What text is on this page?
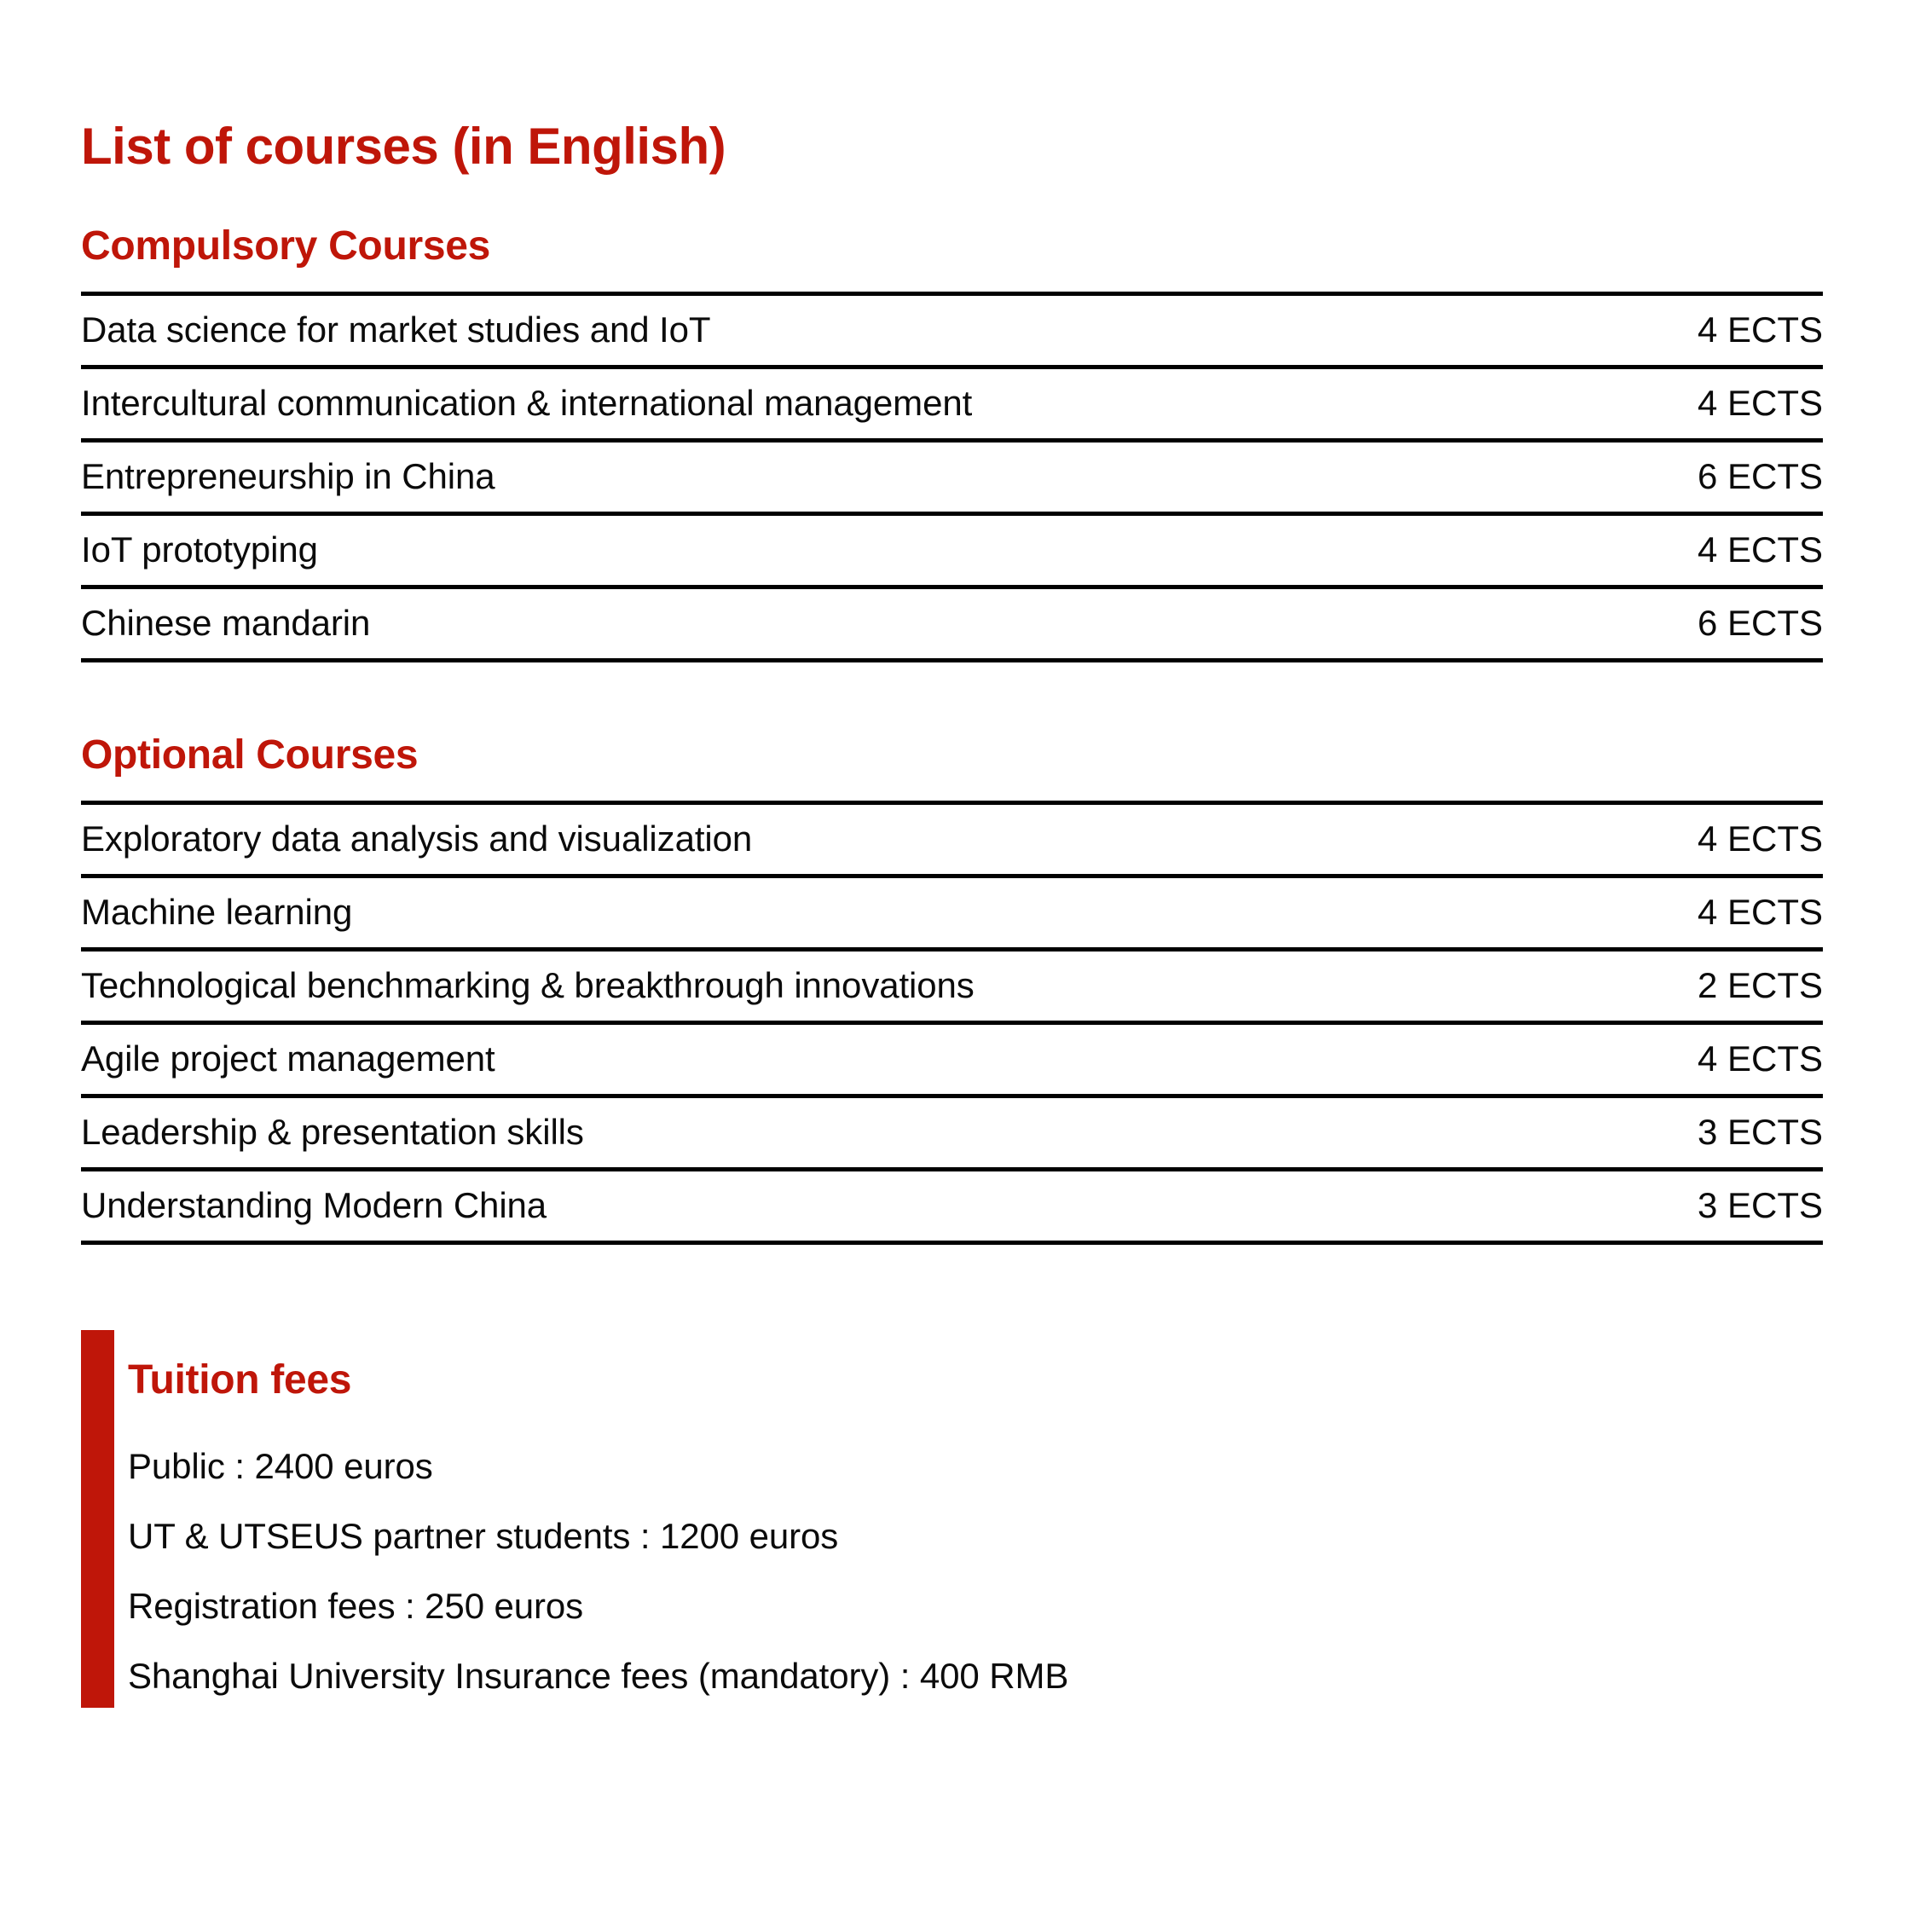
List of courses (in English)
Compulsory Courses
Data science for market studies and IoT	4 ECTS
Intercultural communication & international management	4 ECTS
Entrepreneurship in China	6 ECTS
IoT prototyping	4 ECTS
Chinese mandarin	6 ECTS
Optional Courses
Exploratory data analysis and visualization	4 ECTS
Machine learning	4 ECTS
Technological benchmarking & breakthrough innovations	2 ECTS
Agile project management	4 ECTS
Leadership & presentation skills	3 ECTS
Understanding Modern China	3 ECTS
Tuition fees
Public : 2400 euros
UT & UTSEUS partner students : 1200 euros
Registration fees : 250 euros
Shanghai University Insurance fees (mandatory) : 400 RMB
